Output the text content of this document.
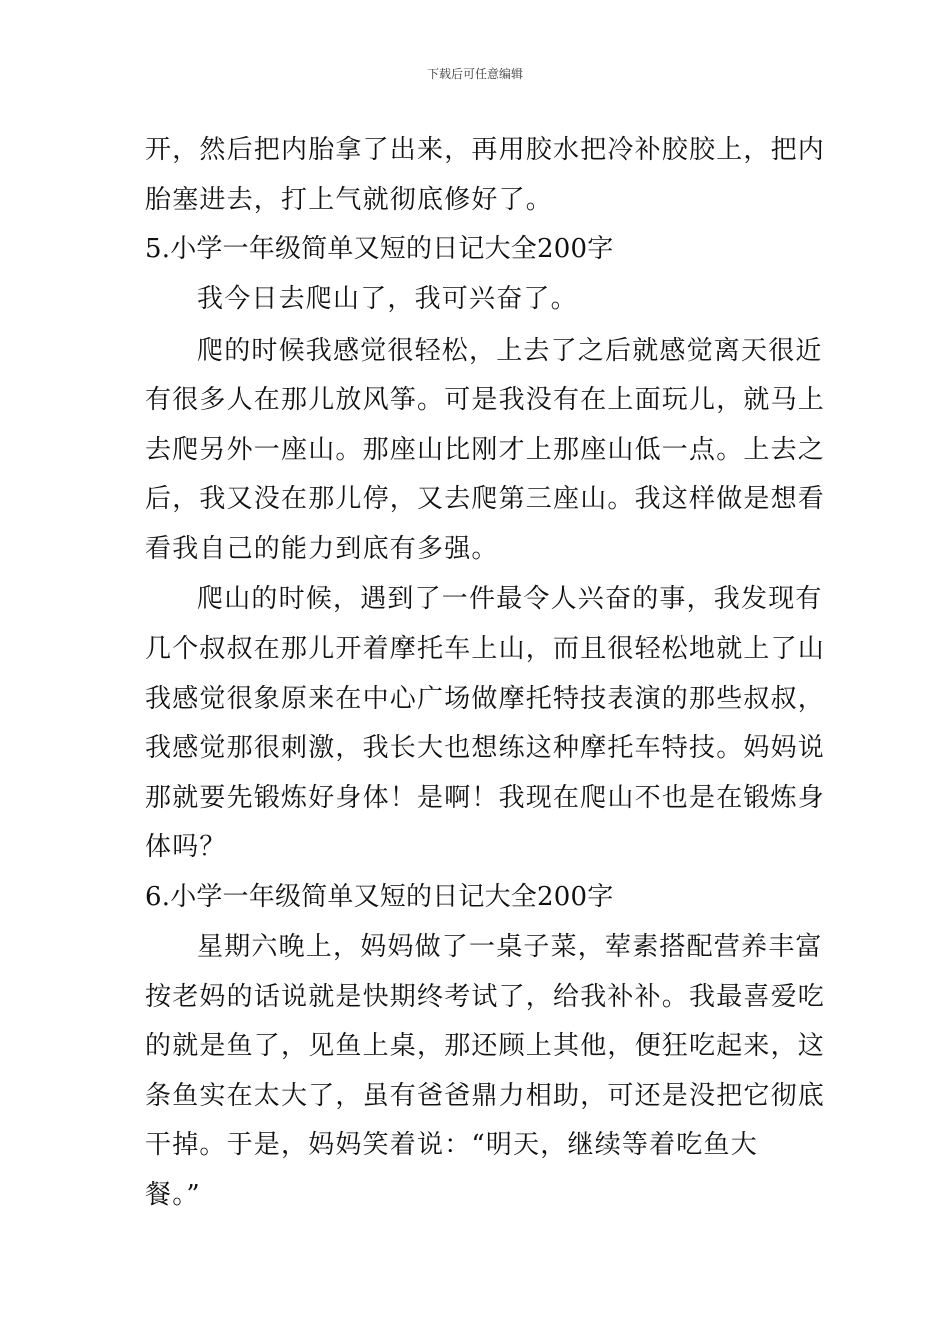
下载后可任意编辑
开，然后把内胎拿了出来，再用胶水把冷补胶胶上，把内
胎塞进去，打上气就彻底修好了。
5.小学一年级简单又短的日记大全200字
我今日去爬山了，我可兴奋了。
爬的时候我感觉很轻松，上去了之后就感觉离天很近
有很多人在那儿放风筝。可是我没有在上面玩儿，就马上
去爬另外一座山。那座山比刚才上那座山低一点。上去之
后，我又没在那儿停，又去爬第三座山。我这样做是想看
看我自己的能力到底有多强。
爬山的时候，遇到了一件最令人兴奋的事，我发现有
几个叔叔在那儿开着摩托车上山，而且很轻松地就上了山
我感觉很象原来在中心广场做摩托特技表演的那些叔叔，
我感觉那很刺激，我长大也想练这种摩托车特技。妈妈说
那就要先锻炼好身体！是啊！我现在爬山不也是在锻炼身
体吗？
6.小学一年级简单又短的日记大全200字
星期六晚上，妈妈做了一桌子菜，荤素搭配营养丰富
按老妈的话说就是快期终考试了，给我补补。我最喜爱吃
的就是鱼了，见鱼上桌，那还顾上其他，便狂吃起来，这
条鱼实在太大了，虽有爸爸鼎力相助，可还是没把它彻底
干掉。于是，妈妈笑着说：“明天，继续等着吃鱼大
餐。”
